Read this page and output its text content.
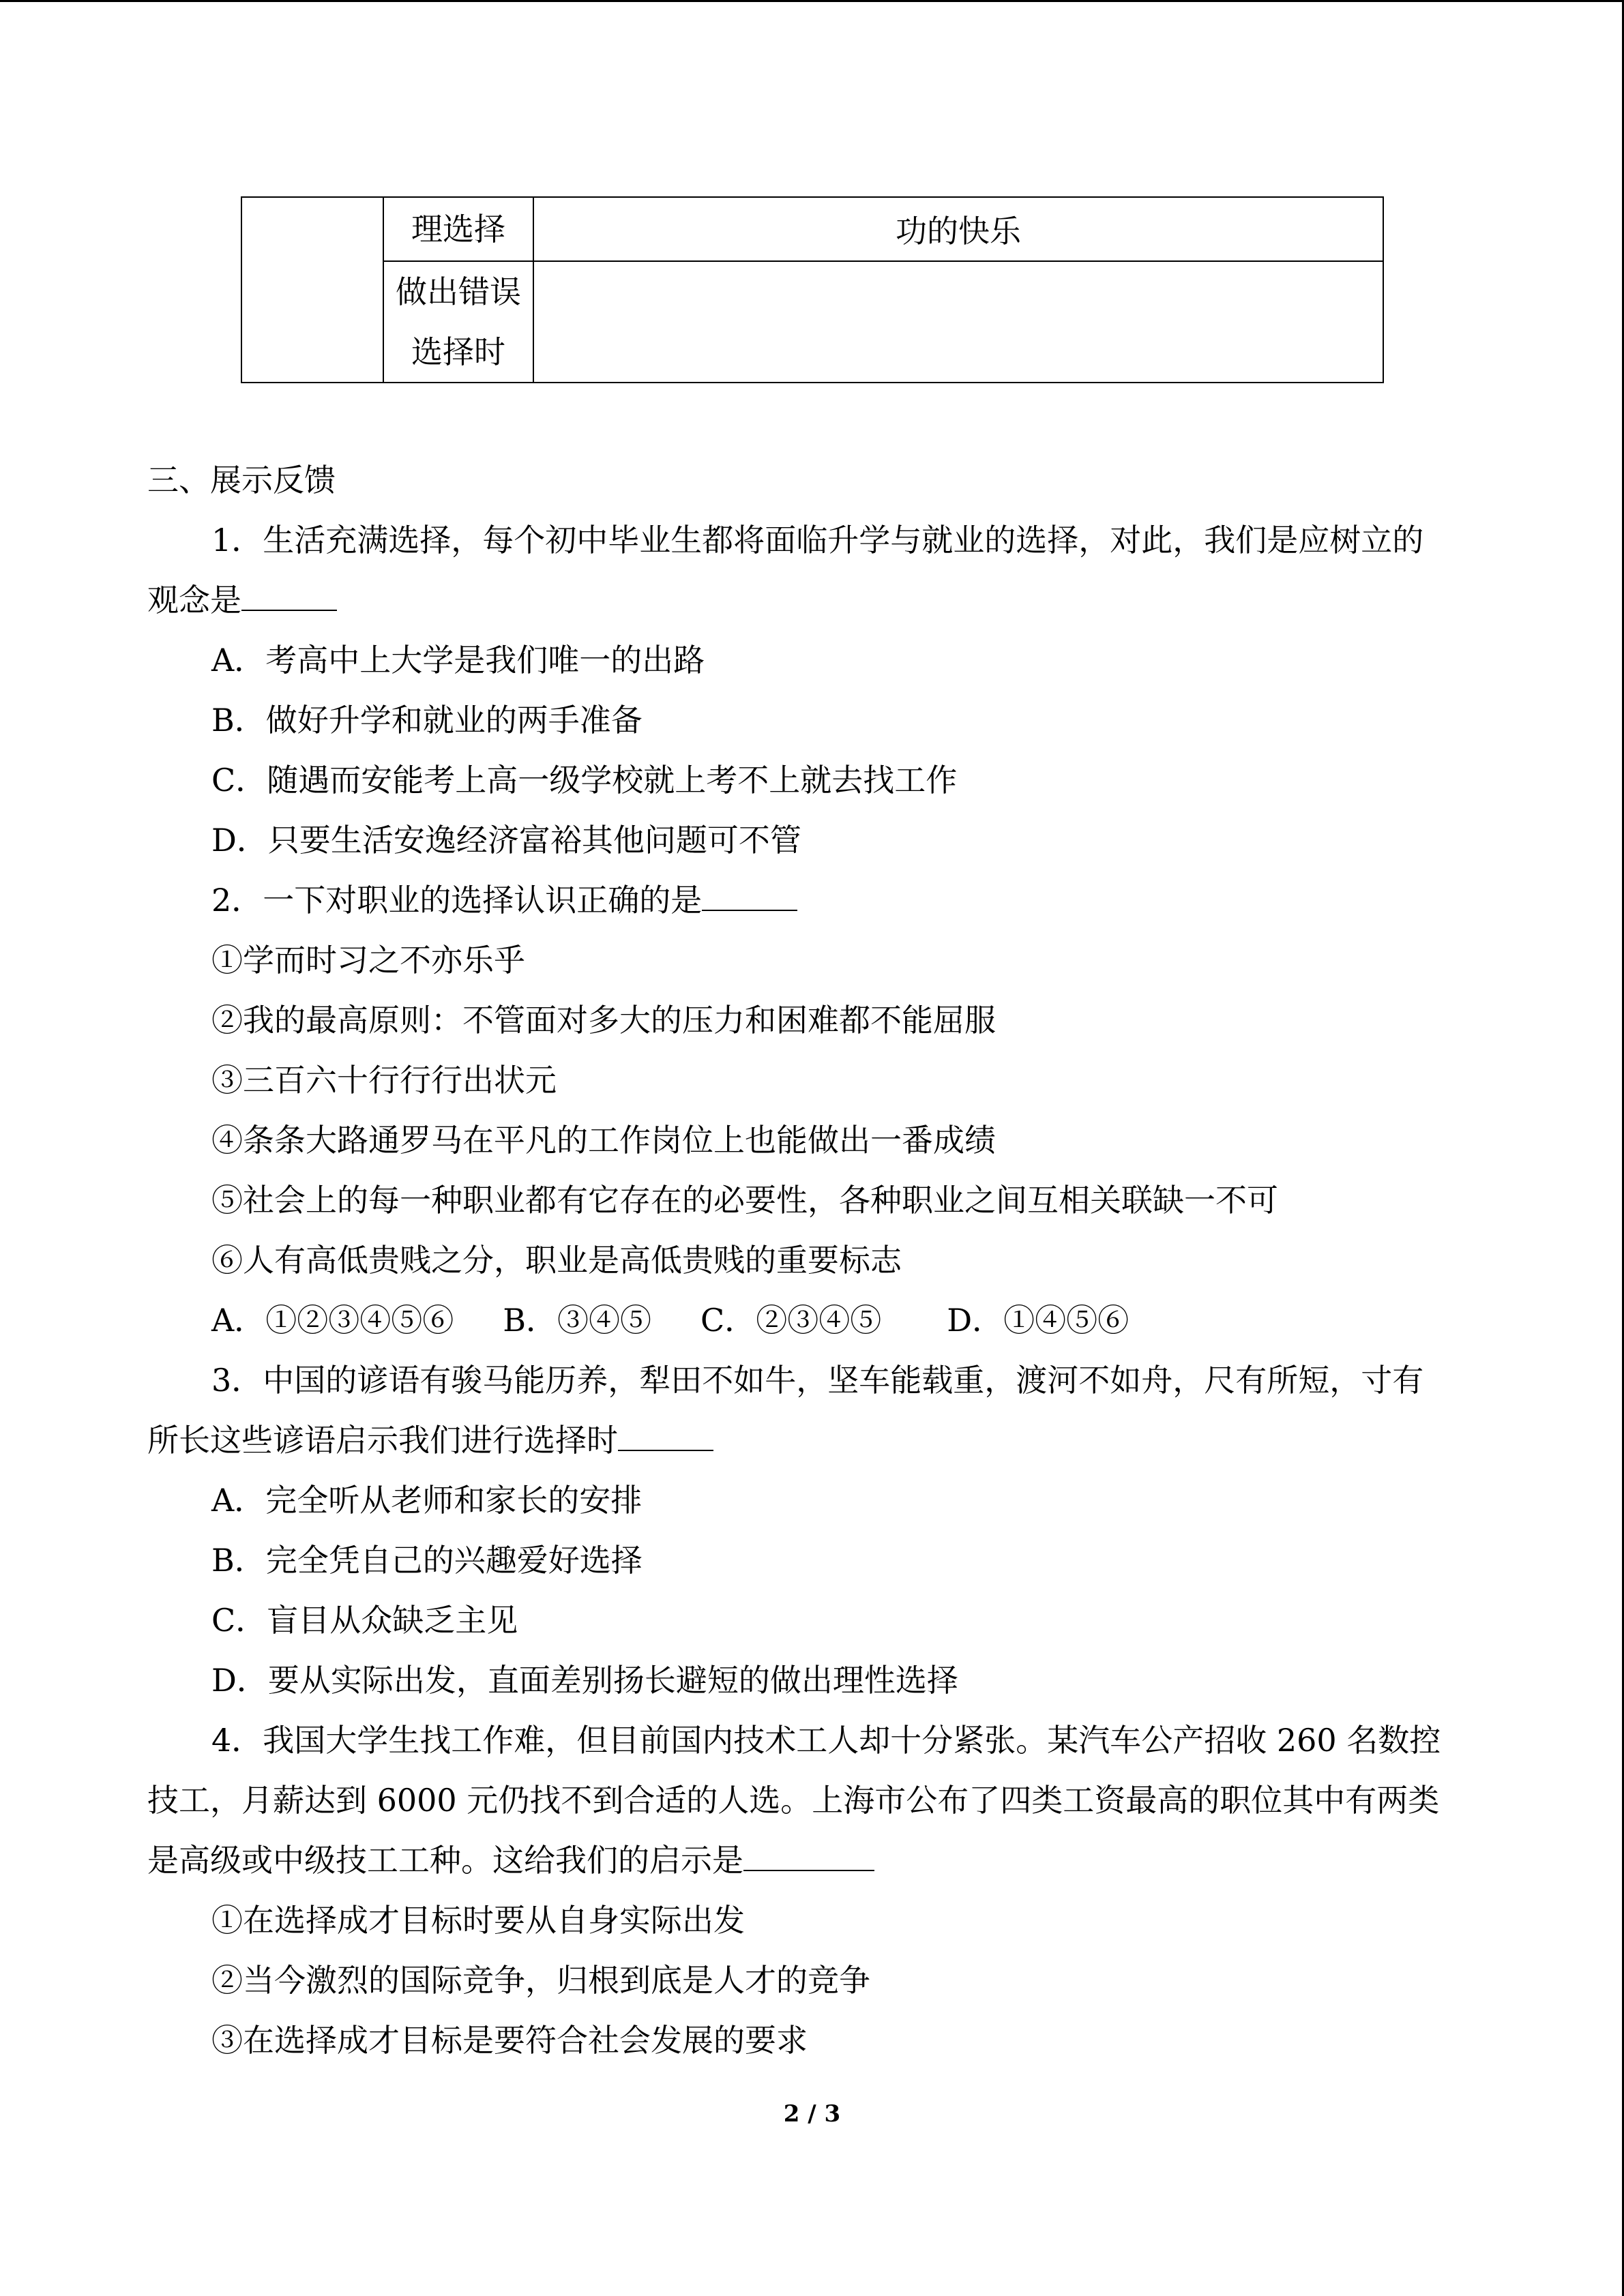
	理选择	功的快乐
	做出错误选择时	
三、展示反馈
1．生活充满选择，每个初中毕业生都将面临升学与就业的选择，对此，我们是应树立的
观念是
A．考高中上大学是我们唯一的出路
B．做好升学和就业的两手准备
C．随遇而安能考上高一级学校就上考不上就去找工作
D．只要生活安逸经济富裕其他问题可不管
2．一下对职业的选择认识正确的是
①学而时习之不亦乐乎
②我的最高原则：不管面对多大的压力和困难都不能屈服
③三百六十行行行出状元
④条条大路通罗马在平凡的工作岗位上也能做出一番成绩
⑤社会上的每一种职业都有它存在的必要性，各种职业之间互相关联缺一不可
⑥人有高低贵贱之分，职业是高低贵贱的重要标志
A．①②③④⑤⑥ B．③④⑤ C．②③④⑤ D．①④⑤⑥
3．中国的谚语有骏马能历养，犁田不如牛，坚车能载重，渡河不如舟，尺有所短，寸有
所长这些谚语启示我们进行选择时
A．完全听从老师和家长的安排
B．完全凭自己的兴趣爱好选择
C．盲目从众缺乏主见
D．要从实际出发，直面差别扬长避短的做出理性选择
4．我国大学生找工作难，但目前国内技术工人却十分紧张。某汽车公产招收 260 名数控
技工，月薪达到 6000 元仍找不到合适的人选。上海市公布了四类工资最高的职位其中有两类
是高级或中级技工工种。这给我们的启示是
①在选择成才目标时要从自身实际出发
②当今激烈的国际竞争，归根到底是人才的竞争
③在选择成才目标是要符合社会发展的要求
2 / 3
